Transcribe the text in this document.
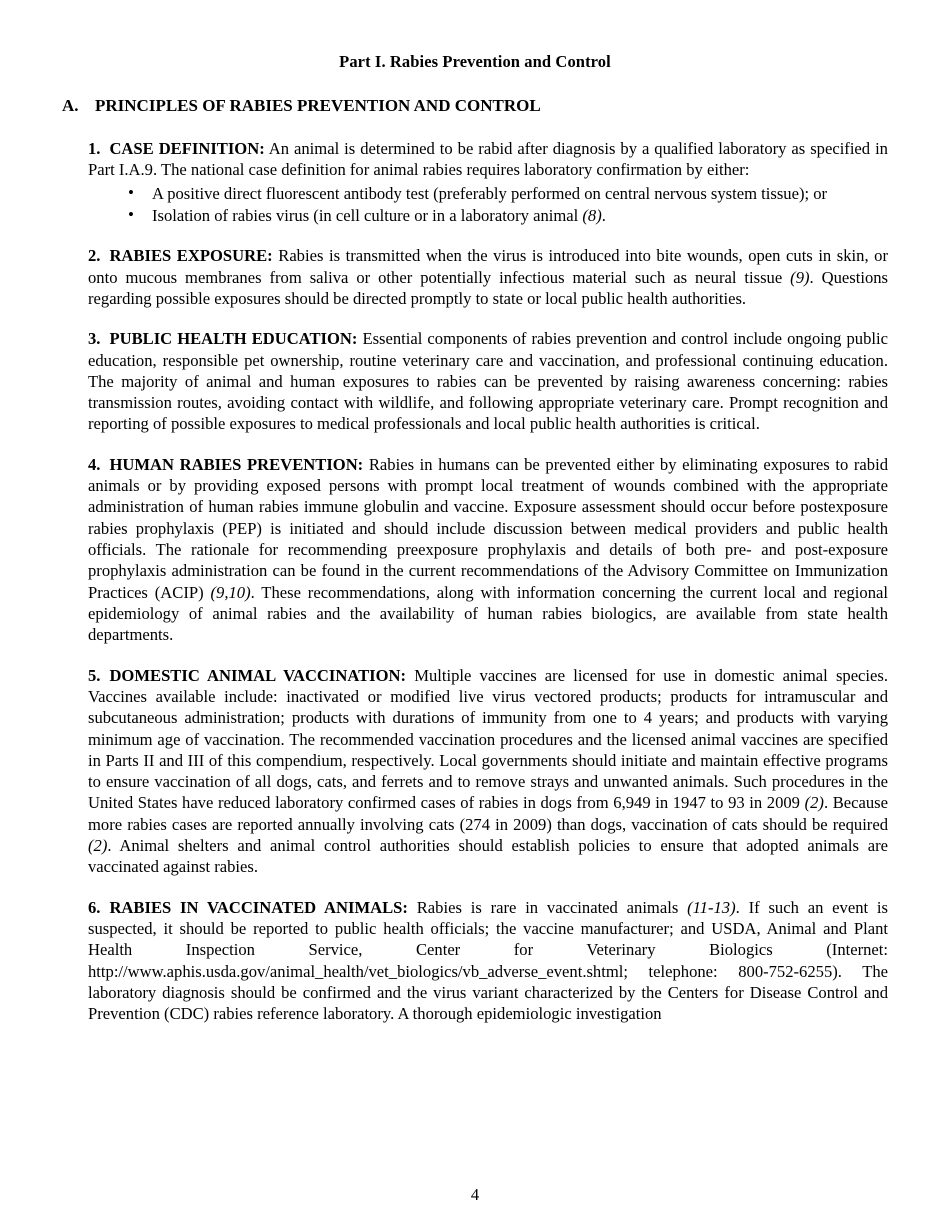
Part I. Rabies Prevention and Control
A. PRINCIPLES OF RABIES PREVENTION AND CONTROL
1. CASE DEFINITION: An animal is determined to be rabid after diagnosis by a qualified laboratory as specified in Part I.A.9. The national case definition for animal rabies requires laboratory confirmation by either:
• A positive direct fluorescent antibody test (preferably performed on central nervous system tissue); or
• Isolation of rabies virus (in cell culture or in a laboratory animal (8).
2. RABIES EXPOSURE: Rabies is transmitted when the virus is introduced into bite wounds, open cuts in skin, or onto mucous membranes from saliva or other potentially infectious material such as neural tissue (9). Questions regarding possible exposures should be directed promptly to state or local public health authorities.
3. PUBLIC HEALTH EDUCATION: Essential components of rabies prevention and control include ongoing public education, responsible pet ownership, routine veterinary care and vaccination, and professional continuing education. The majority of animal and human exposures to rabies can be prevented by raising awareness concerning: rabies transmission routes, avoiding contact with wildlife, and following appropriate veterinary care. Prompt recognition and reporting of possible exposures to medical professionals and local public health authorities is critical.
4. HUMAN RABIES PREVENTION: Rabies in humans can be prevented either by eliminating exposures to rabid animals or by providing exposed persons with prompt local treatment of wounds combined with the appropriate administration of human rabies immune globulin and vaccine. Exposure assessment should occur before postexposure rabies prophylaxis (PEP) is initiated and should include discussion between medical providers and public health officials. The rationale for recommending preexposure prophylaxis and details of both pre- and post-exposure prophylaxis administration can be found in the current recommendations of the Advisory Committee on Immunization Practices (ACIP) (9,10). These recommendations, along with information concerning the current local and regional epidemiology of animal rabies and the availability of human rabies biologics, are available from state health departments.
5. DOMESTIC ANIMAL VACCINATION: Multiple vaccines are licensed for use in domestic animal species. Vaccines available include: inactivated or modified live virus vectored products; products for intramuscular and subcutaneous administration; products with durations of immunity from one to 4 years; and products with varying minimum age of vaccination. The recommended vaccination procedures and the licensed animal vaccines are specified in Parts II and III of this compendium, respectively. Local governments should initiate and maintain effective programs to ensure vaccination of all dogs, cats, and ferrets and to remove strays and unwanted animals. Such procedures in the United States have reduced laboratory confirmed cases of rabies in dogs from 6,949 in 1947 to 93 in 2009 (2). Because more rabies cases are reported annually involving cats (274 in 2009) than dogs, vaccination of cats should be required (2). Animal shelters and animal control authorities should establish policies to ensure that adopted animals are vaccinated against rabies.
6. RABIES IN VACCINATED ANIMALS: Rabies is rare in vaccinated animals (11-13). If such an event is suspected, it should be reported to public health officials; the vaccine manufacturer; and USDA, Animal and Plant Health Inspection Service, Center for Veterinary Biologics (Internet: http://www.aphis.usda.gov/animal_health/vet_biologics/vb_adverse_event.shtml; telephone: 800-752-6255). The laboratory diagnosis should be confirmed and the virus variant characterized by the Centers for Disease Control and Prevention (CDC) rabies reference laboratory. A thorough epidemiologic investigation
4
